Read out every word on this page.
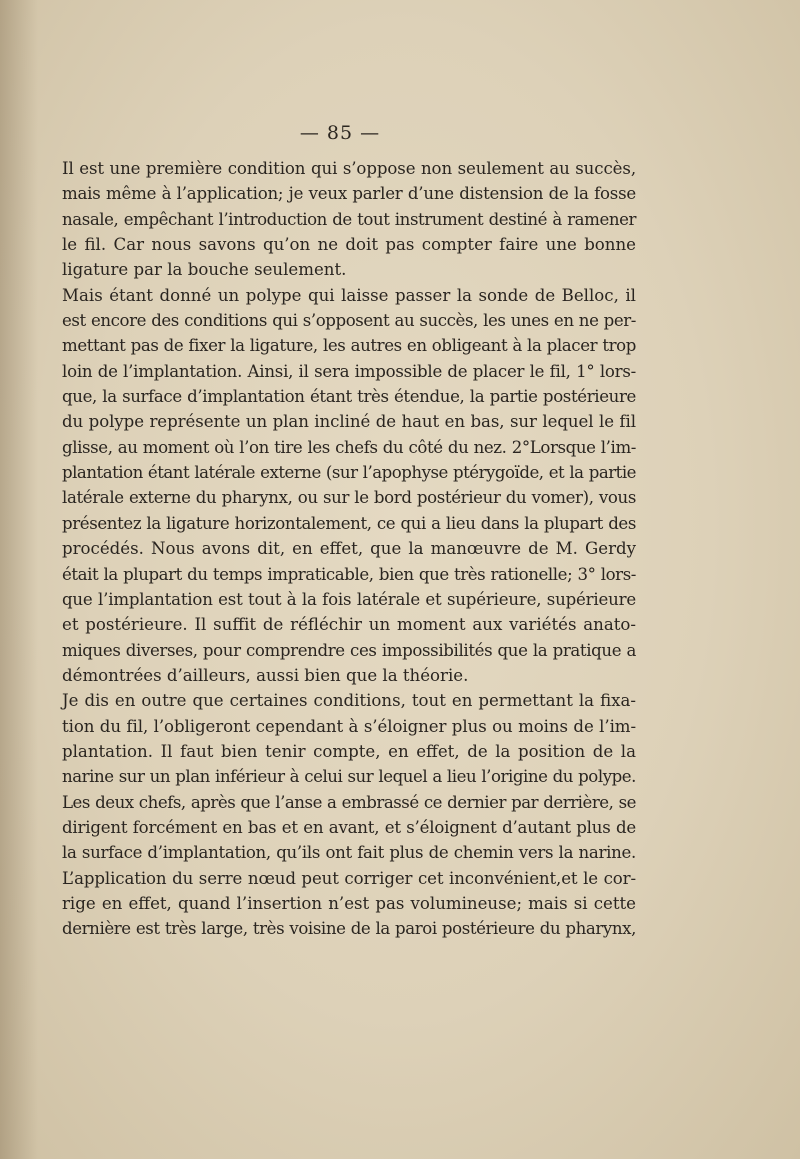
— 85 —

Il est une première condition qui s’oppose non seulement au succès,
mais même à l’application; je veux parler d’une distension de la fosse
nasale, empêchant l’introduction de tout instrument destiné à ramener
le fil. Car nous savons qu’on ne doit pas compter faire une bonne
ligature par la bouche seulement.

Mais étant donné un polype qui laisse passer la sonde de Belloc, il
est encore des conditions qui s’opposent au succès, les unes en ne per-
mettant pas de fixer la ligature, les autres en obligeant à la placer trop
loin de l’implantation. Ainsi, il sera impossible de placer le fil, 1° lors-
que, la surface d’implantation étant très étendue, la partie postérieure
du polype représente un plan incliné de haut en bas, sur lequel le fil
glisse, au moment où l’on tire les chefs du côté du nez. 2°Lorsque l’im-
plantation étant latérale externe (sur l’apophyse ptérygoïde, et la partie
latérale externe du pharynx, ou sur le bord postérieur du vomer), vous
présentez la ligature horizontalement, ce qui a lieu dans la plupart des
procédés. Nous avons dit, en effet, que la manœuvre de M. Gerdy
était la plupart du temps impraticable, bien que très rationelle; 3° lors-
que l’implantation est tout à la fois latérale et supérieure, supérieure
et postérieure. Il suffit de réfléchir un moment aux variétés anato-
miques diverses, pour comprendre ces impossibilités que la pratique a
démontrées d’ailleurs, aussi bien que la théorie.

Je dis en outre que certaines conditions, tout en permettant la fixa-
tion du fil, l’obligeront cependant à s’éloigner plus ou moins de l’im-
plantation. Il faut bien tenir compte, en effet, de la position de la
narine sur un plan inférieur à celui sur lequel a lieu l’origine du polype.
Les deux chefs, après que l’anse a embrassé ce dernier par derrière, se
dirigent forcément en bas et en avant, et s’éloignent d’autant plus de
la surface d’implantation, qu’ils ont fait plus de chemin vers la narine.
L’application du serre nœud peut corriger cet inconvénient,et le cor-
rige en effet, quand l’insertion n’est pas volumineuse; mais si cette
dernière est très large, très voisine de la paroi postérieure du pharynx,
